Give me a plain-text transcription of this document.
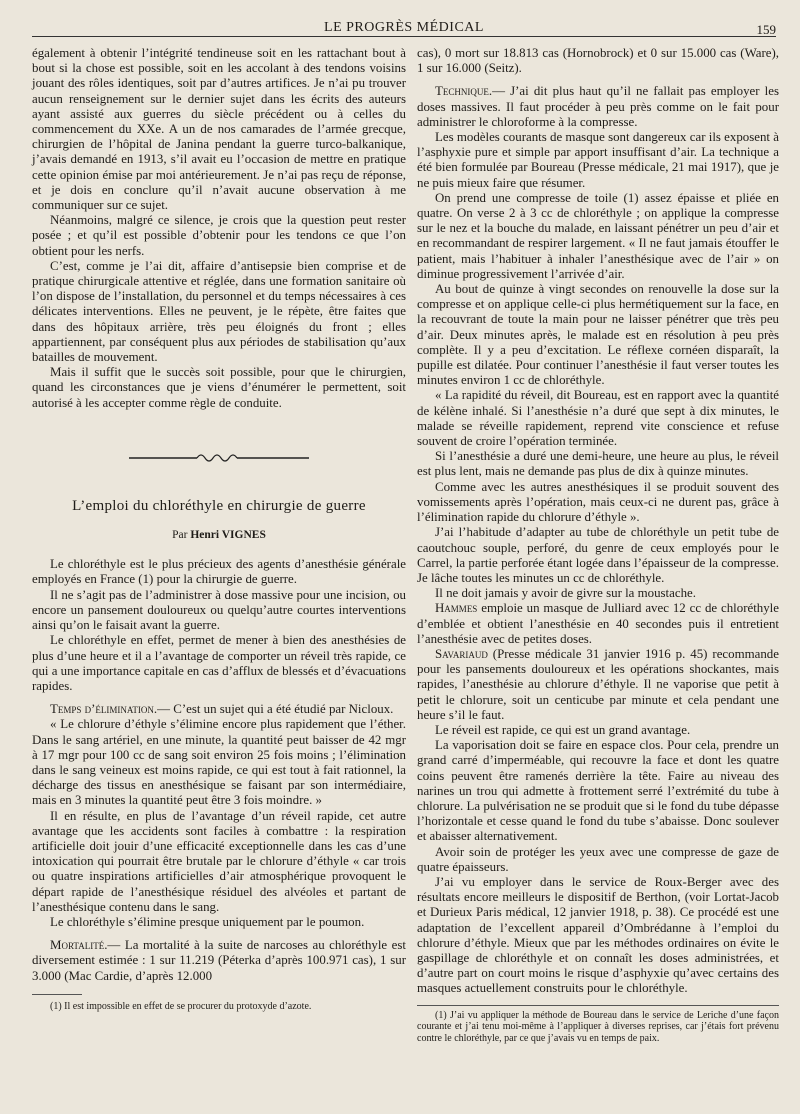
LE PROGRÈS MÉDICAL	159

également à obtenir l’intégrité tendineuse soit en les rattachant bout à bout si la chose est possible, soit en les accolant à des tendons voisins jouant des rôles identiques, soit par d’autres artifices. Je n’ai pu trouver aucun renseignement sur le dernier sujet dans les écrits des auteurs ayant assisté aux guerres du siècle précédent ou à celles du commencement du XXe. A un de nos camarades de l’armée grecque, chirurgien de l’hôpital de Janina pendant la guerre turco-balkanique, j’avais demandé en 1913, s’il avait eu l’occasion de mettre en pratique cette opinion émise par moi antérieurement. Je n’ai pas reçu de réponse, et je dois en conclure qu’il n’avait aucune observation à me communiquer sur ce sujet.

Néanmoins, malgré ce silence, je crois que la question peut rester posée ; et qu’il est possible d’obtenir pour les tendons ce que l’on obtient pour les nerfs.

C’est, comme je l’ai dit, affaire d’antisepsie bien comprise et de pratique chirurgicale attentive et réglée, dans une formation sanitaire où l’on dispose de l’installation, du personnel et du temps nécessaires à ces délicates interventions. Elles ne peuvent, je le répète, être faites que dans des hôpitaux arrière, très peu éloignés du front ; elles appartiennent, par conséquent plus aux périodes de stabilisation qu’aux batailles de mouvement.

Mais il suffit que le succès soit possible, pour que le chirurgien, quand les circonstances que je viens d’énumérer le permettent, soit autorisé à les accepter comme règle de conduite.

L’emploi du chloréthyle en chirurgie de guerre
Par Henri VIGNES

Le chloréthyle est le plus précieux des agents d’anesthésie générale employés en France (1) pour la chirurgie de guerre.

Il ne s’agit pas de l’administrer à dose massive pour une incision, ou encore un pansement douloureux ou quelqu’autre courtes interventions ainsi qu’on le faisait avant la guerre.

Le chloréthyle en effet, permet de mener à bien des anesthésies de plus d’une heure et il a l’avantage de comporter un réveil très rapide, ce qui a une importance capitale en cas d’afflux de blessés et d’évacuations rapides.

Temps d’élimination.— C’est un sujet qui a été étudié par Nicloux.

« Le chlorure d’éthyle s’élimine encore plus rapidement que l’éther. Dans le sang artériel, en une minute, la quantité peut baisser de 42 mgr à 17 mgr pour 100 cc de sang soit environ 25 fois moins ; l’élimination dans le sang veineux est moins rapide, ce qui est tout à fait rationnel, la décharge des tissus en anesthésique se faisant par son intermédiaire, mais en 3 minutes la quantité peut être 3 fois moindre. »

Il en résulte, en plus de l’avantage d’un réveil rapide, cet autre avantage que les accidents sont faciles à combattre : la respiration artificielle doit jouir d’une efficacité exceptionnelle dans les cas d’une intoxication qui pourrait être brutale par le chlorure d’éthyle « car trois ou quatre inspirations artificielles d’air atmosphérique provoquent le départ rapide de l’anesthésique résiduel des alvéoles et partant de l’anesthésique contenu dans le sang.

Le chloréthyle s’élimine presque uniquement par le poumon.

Mortalité.— La mortalité à la suite de narcoses au chloréthyle est diversement estimée : 1 sur 11.219 (Péterka d’après 100.971 cas), 1 sur 3.000 (Mac Cardie, d’après 12.000

(1) Il est impossible en effet de se procurer du protoxyde d’azote.

cas), 0 mort sur 18.813 cas (Hornobrock) et 0 sur 15.000 cas (Ware), 1 sur 16.000 (Seitz).

Technique.— J’ai dit plus haut qu’il ne fallait pas employer les doses massives. Il faut procéder à peu près comme on le fait pour administrer le chloroforme à la compresse.

Les modèles courants de masque sont dangereux car ils exposent à l’asphyxie pure et simple par apport insuffisant d’air. La technique a été bien formulée par Boureau (Presse médicale, 21 mai 1917), que je ne puis mieux faire que résumer.

On prend une compresse de toile (1) assez épaisse et pliée en quatre. On verse 2 à 3 cc de chloréthyle ; on applique la compresse sur le nez et la bouche du malade, en laissant pénétrer un peu d’air et en recommandant de respirer largement. « Il ne faut jamais étouffer le patient, mais l’habituer à inhaler l’anesthésique avec de l’air » on diminue progressivement l’arrivée d’air.

Au bout de quinze à vingt secondes on renouvelle la dose sur la compresse et on applique celle-ci plus hermétiquement sur la face, en la recouvrant de toute la main pour ne laisser pénétrer que très peu d’air. Deux minutes après, le malade est en résolution à peu près complète. Il y a peu d’excitation. Le réflexe cornéen disparaît, la pupille est dilatée. Pour continuer l’anesthésie il faut verser toutes les minutes environ 1 cc de chloréthyle.

« La rapidité du réveil, dit Boureau, est en rapport avec la quantité de kélène inhalé. Si l’anesthésie n’a duré que sept à dix minutes, le malade se réveille rapidement, reprend vite conscience et refuse souvent de croire l’opération terminée.

Si l’anesthésie a duré une demi-heure, une heure au plus, le réveil est plus lent, mais ne demande pas plus de dix à quinze minutes.

Comme avec les autres anesthésiques il se produit souvent des vomissements après l’opération, mais ceux-ci ne durent pas, grâce à l’élimination rapide du chlorure d’éthyle ».

J’ai l’habitude d’adapter au tube de chloréthyle un petit tube de caoutchouc souple, perforé, du genre de ceux employés pour le Carrel, la partie perforée étant logée dans l’épaisseur de la compresse. Je lâche toutes les minutes un cc de chloréthyle.

Il ne doit jamais y avoir de givre sur la moustache.

Hammes emploie un masque de Julliard avec 12 cc de chloréthyle d’emblée et obtient l’anesthésie en 40 secondes puis il entretient l’anesthésie avec de petites doses.

Savariaud (Presse médicale 31 janvier 1916 p. 45) recommande pour les pansements douloureux et les opérations shockantes, mais rapides, l’anesthésie au chlorure d’éthyle. Il ne vaporise que petit à petit le chlorure, soit un centicube par minute et cela pendant une heure s’il le faut.

Le réveil est rapide, ce qui est un grand avantage.

La vaporisation doit se faire en espace clos. Pour cela, prendre un grand carré d’imperméable, qui recouvre la face et dont les quatre coins peuvent être ramenés derrière la tête. Faire au niveau des narines un trou qui admette à frottement serré l’extrémité du tube à chlorure. La pulvérisation ne se produit que si le fond du tube dépasse l’horizontale et cesse quand le fond du tube s’abaisse. Donc soulever et abaisser alternativement.

Avoir soin de protéger les yeux avec une compresse de gaze de quatre épaisseurs.

J’ai vu employer dans le service de Roux-Berger avec des résultats encore meilleurs le dispositif de Berthon, (voir Lortat-Jacob et Durieux Paris médical, 12 janvier 1918, p. 38). Ce procédé est une adaptation de l’excellent appareil d’Ombrédanne à l’emploi du chlorure d’éthyle. Mieux que par les méthodes ordinaires on évite le gaspillage de chloréthyle et on connaît les doses administrées, et d’autre part on court moins le risque d’asphyxie qu’avec certains des masques actuellement construits pour le chloréthyle.

(1) J’ai vu appliquer la méthode de Boureau dans le service de Leriche d’une façon courante et j’ai tenu moi-même à l’appliquer à diverses reprises, car j’étais fort prévenu contre le chloréthyle, par ce que j’avais vu en temps de paix.
